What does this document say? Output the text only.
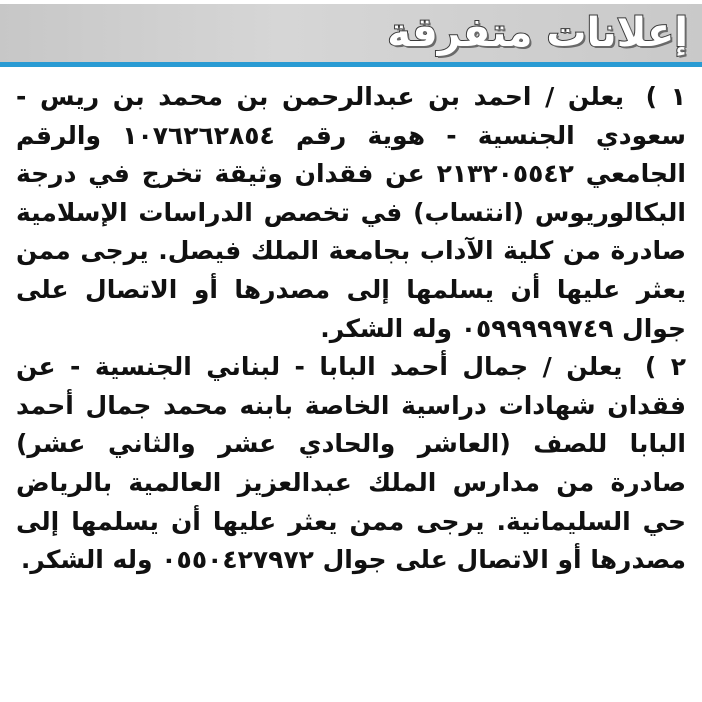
إعلانات متفرقة

١ ) يعلن / احمد بن عبدالرحمن بن محمد بن ريس - سعودي الجنسية - هوية رقم ١٠٧٦٢٦٢٨٥٤ والرقم الجامعي ٢١٣٢٠٥٥٤٢ عن فقدان وثيقة تخرج في درجة البكالوريوس (انتساب) في تخصص الدراسات الإسلامية صادرة من كلية الآداب بجامعة الملك فيصل. يرجى ممن يعثر عليها أن يسلمها إلى مصدرها أو الاتصال على جوال ٠٥٩٩٩٩٩٧٤٩ وله الشكر.

٢ ) يعلن / جمال أحمد البابا - لبناني الجنسية - عن فقدان شهادات دراسية الخاصة بابنه محمد جمال أحمد البابا للصف (العاشر والحادي عشر والثاني عشر) صادرة من مدارس الملك عبدالعزيز العالمية بالرياض حي السليمانية. يرجى ممن يعثر عليها أن يسلمها إلى مصدرها أو الاتصال على جوال ٠٥٥٠٤٢٧٩٧٢ وله الشكر.
